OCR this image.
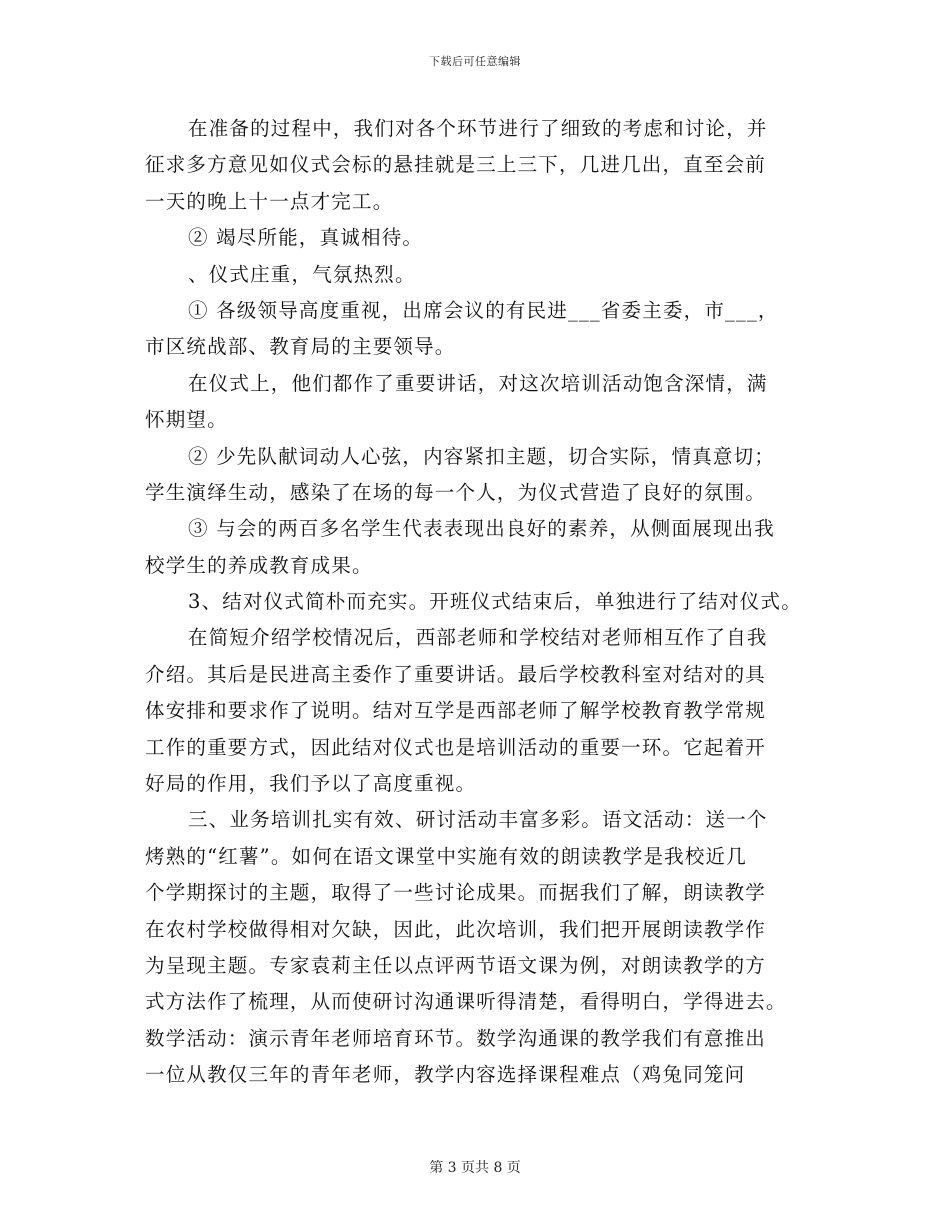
下载后可任意编辑
在准备的过程中，我们对各个环节进行了细致的考虑和讨论，并
征求多方意见如仪式会标的悬挂就是三上三下，几进几出，直至会前
一天的晚上十一点才完工。
② 竭尽所能，真诚相待。
、仪式庄重，气氛热烈。
① 各级领导高度重视，出席会议的有民进___省委主委，市___，
市区统战部、教育局的主要领导。
在仪式上，他们都作了重要讲话，对这次培训活动饱含深情，满
怀期望。
② 少先队献词动人心弦，内容紧扣主题，切合实际，情真意切；
学生演绎生动，感染了在场的每一个人，为仪式营造了良好的氛围。
③ 与会的两百多名学生代表表现出良好的素养，从侧面展现出我
校学生的养成教育成果。
3、结对仪式简朴而充实。开班仪式结束后，单独进行了结对仪式。
在简短介绍学校情况后，西部老师和学校结对老师相互作了自我
介绍。其后是民进高主委作了重要讲话。最后学校教科室对结对的具
体安排和要求作了说明。结对互学是西部老师了解学校教育教学常规
工作的重要方式，因此结对仪式也是培训活动的重要一环。它起着开
好局的作用，我们予以了高度重视。
三、业务培训扎实有效、研讨活动丰富多彩。语文活动：送一个
烤熟的“红薯”。如何在语文课堂中实施有效的朗读教学是我校近几
个学期探讨的主题，取得了一些讨论成果。而据我们了解，朗读教学
在农村学校做得相对欠缺，因此，此次培训，我们把开展朗读教学作
为呈现主题。专家袁莉主任以点评两节语文课为例，对朗读教学的方
式方法作了梳理，从而使研讨沟通课听得清楚，看得明白，学得进去。
数学活动：演示青年老师培育环节。数学沟通课的教学我们有意推出
一位从教仅三年的青年老师，教学内容选择课程难点（鸡兔同笼问
第 3 页共 8 页
